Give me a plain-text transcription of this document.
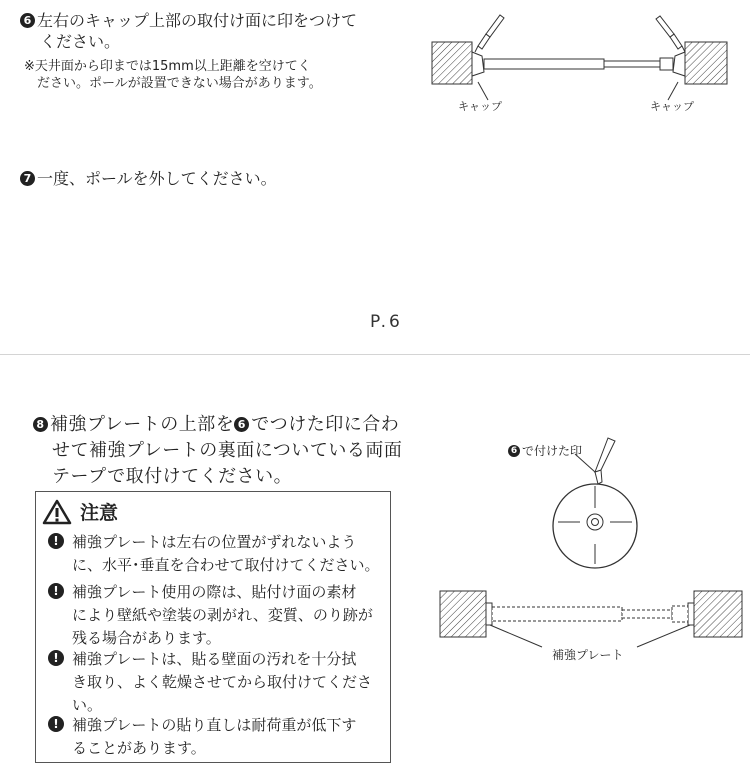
6 左右のキャップ上部の取付け面に印をつけて
ください。
※天井面から印までは15mm以上距離を空けてく
ださい。ポールが設置できない場合があります。
キャップ	キャップ
7 一度、ポールを外してください。
P.6
8 補強プレートの上部を 6 でつけた印に合わ
せて補強プレートの裏面についている両面
テープで取付けてください。
注意
! 補強プレートは左右の位置がずれないよう
に、水平･垂直を合わせて取付けてください。
! 補強プレート使用の際は、貼付け面の素材
により壁紙や塗装の剥がれ、変質、のり跡が
残る場合があります。
! 補強プレートは、貼る壁面の汚れを十分拭
き取り、よく乾燥させてから取付けてくださ
い。
! 補強プレートの貼り直しは耐荷重が低下す
ることがあります。
6 で付けた印
補強プレート
